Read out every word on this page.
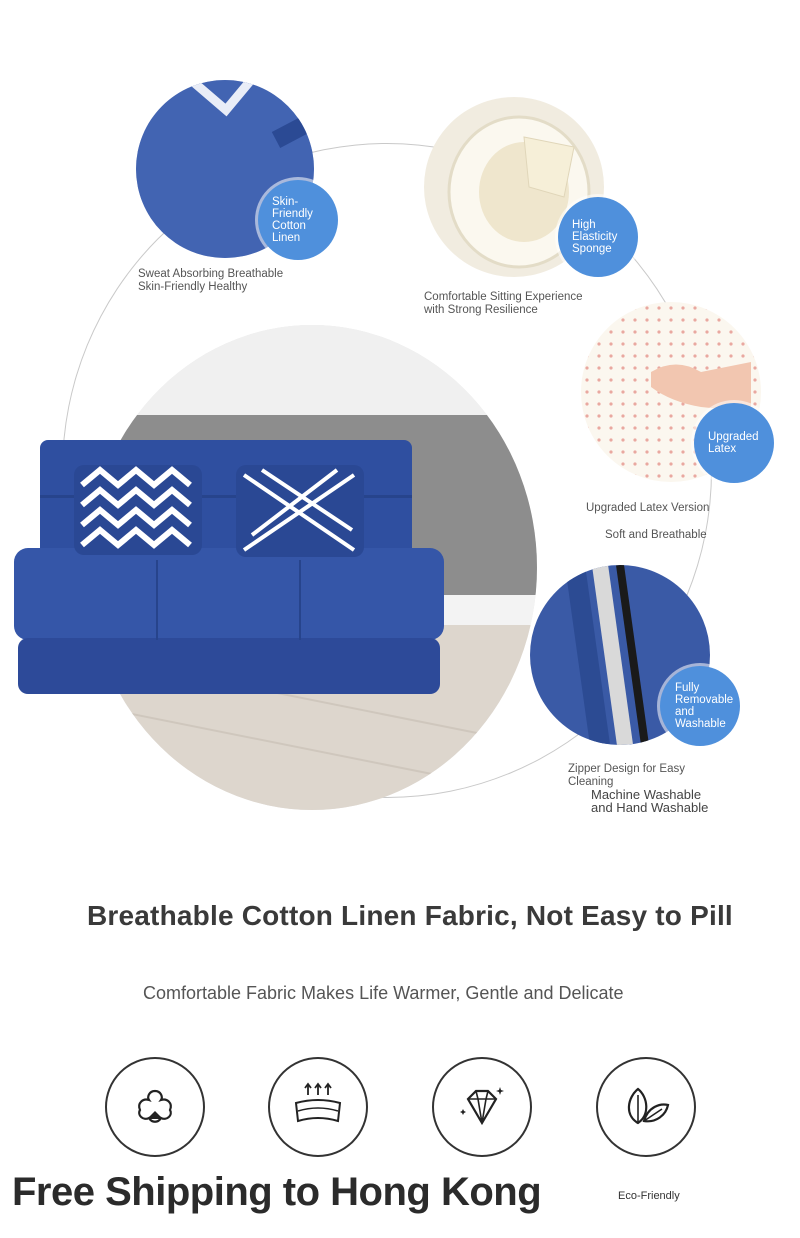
Skin-Friendly
Cotton
Linen
Sweat Absorbing Breathable
Skin-Friendly Healthy
High
Elasticity
Sponge
Comfortable Sitting Experience
with Strong Resilience
Upgraded
Latex
Upgraded Latex Version
Soft and Breathable
Fully
Removable
and
Washable
Zipper Design for Easy
Cleaning
Machine Washable
and Hand Washable
Breathable Cotton Linen Fabric, Not Easy to Pill
Comfortable Fabric Makes Life Warmer, Gentle and Delicate
Free Shipping to Hong Kong	Eco-Friendly
